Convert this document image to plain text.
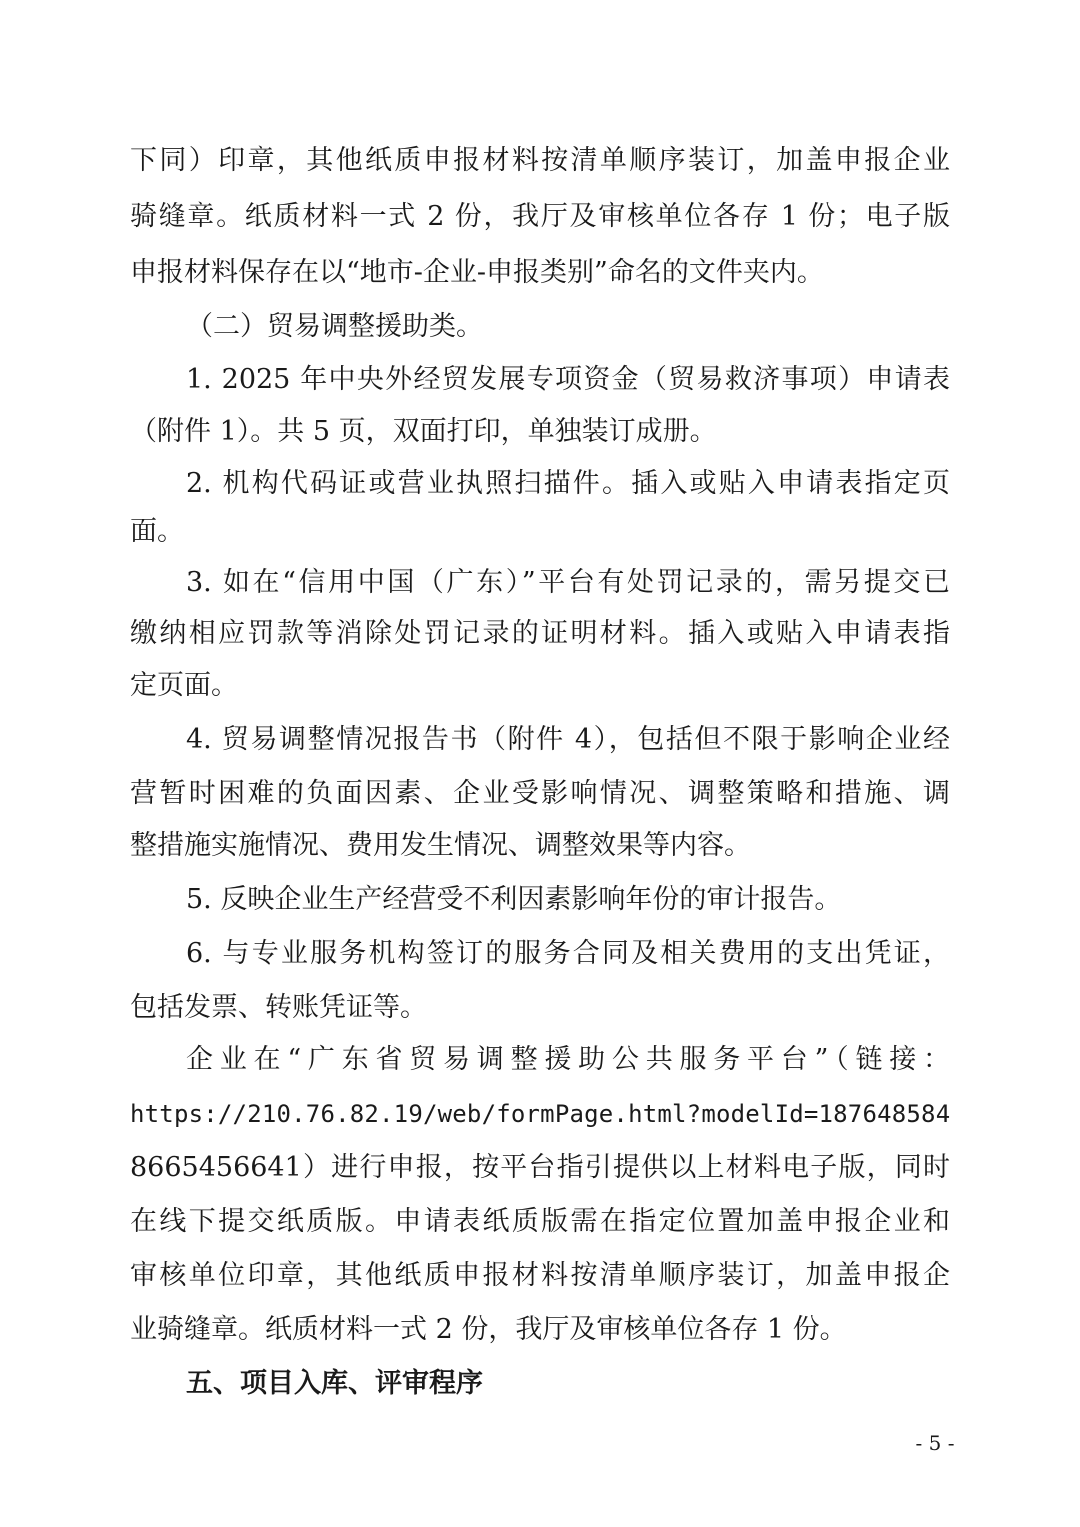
下同）印章，其他纸质申报材料按清单顺序装订，加盖申报企业
骑缝章。纸质材料一式 2 份，我厅及审核单位各存 1 份；电子版
申报材料保存在以“地市-企业-申报类别”命名的文件夹内。
（二）贸易调整援助类。
1. 2025 年中央外经贸发展专项资金（贸易救济事项）申请表
（附件 1）。共 5 页，双面打印，单独装订成册。
2. 机构代码证或营业执照扫描件。插入或贴入申请表指定页
面。
3. 如在“信用中国（广东）”平台有处罚记录的，需另提交已
缴纳相应罚款等消除处罚记录的证明材料。插入或贴入申请表指
定页面。
4. 贸易调整情况报告书（附件 4），包括但不限于影响企业经
营暂时困难的负面因素、企业受影响情况、调整策略和措施、调
整措施实施情况、费用发生情况、调整效果等内容。
5. 反映企业生产经营受不利因素影响年份的审计报告。
6. 与专业服务机构签订的服务合同及相关费用的支出凭证，
包括发票、转账凭证等。
企业在“广东省贸易调整援助公共服务平台”（链接：
https://210.76.82.19/web/formPage.html?modelId=187648584
8665456641）进行申报，按平台指引提供以上材料电子版，同时
在线下提交纸质版。申请表纸质版需在指定位置加盖申报企业和
审核单位印章，其他纸质申报材料按清单顺序装订，加盖申报企
业骑缝章。纸质材料一式 2 份，我厅及审核单位各存 1 份。
五、项目入库、评审程序
- 5 -
